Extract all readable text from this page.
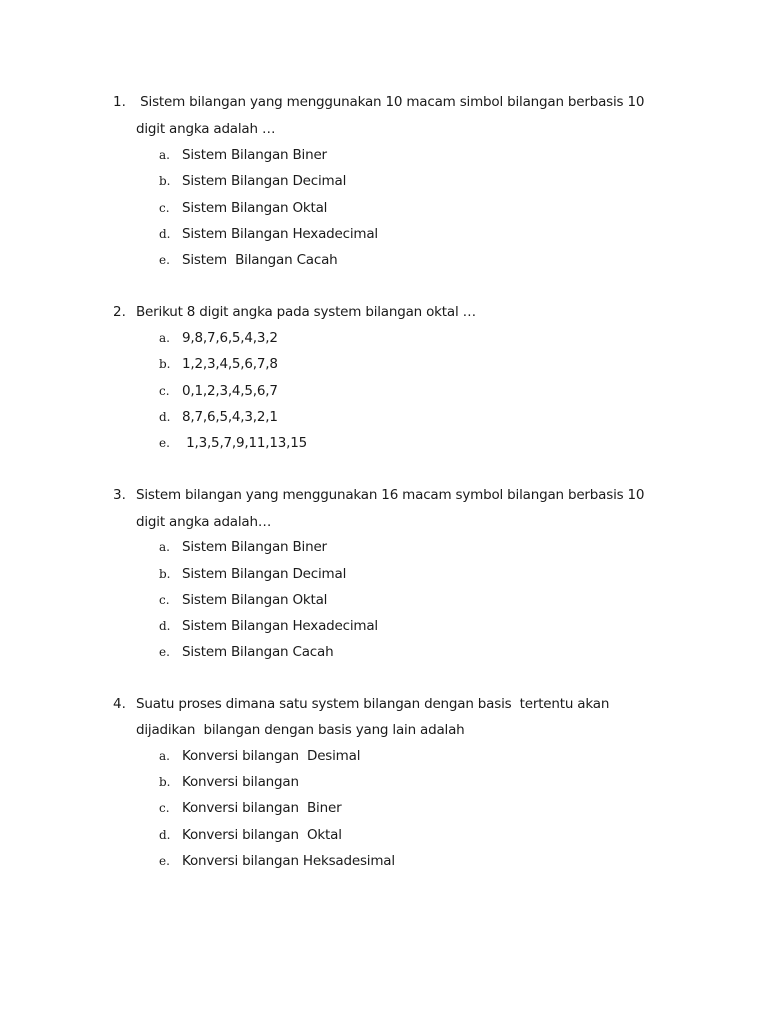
1. Sistem bilangan yang menggunakan 10 macam simbol bilangan berbasis 10
digit angka adalah …
a. Sistem Bilangan Biner
b. Sistem Bilangan Decimal
c. Sistem Bilangan Oktal
d. Sistem Bilangan Hexadecimal
e. Sistem  Bilangan Cacah
2. Berikut 8 digit angka pada system bilangan oktal …
a. 9,8,7,6,5,4,3,2
b. 1,2,3,4,5,6,7,8
c. 0,1,2,3,4,5,6,7
d. 8,7,6,5,4,3,2,1
e. 1,3,5,7,9,11,13,15
3. Sistem bilangan yang menggunakan 16 macam symbol bilangan berbasis 10
digit angka adalah…
a. Sistem Bilangan Biner
b. Sistem Bilangan Decimal
c. Sistem Bilangan Oktal
d. Sistem Bilangan Hexadecimal
e. Sistem Bilangan Cacah
4. Suatu proses dimana satu system bilangan dengan basis  tertentu akan
dijadikan  bilangan dengan basis yang lain adalah
a. Konversi bilangan  Desimal
b. Konversi bilangan
c. Konversi bilangan  Biner
d. Konversi bilangan  Oktal
e. Konversi bilangan Heksadesimal
